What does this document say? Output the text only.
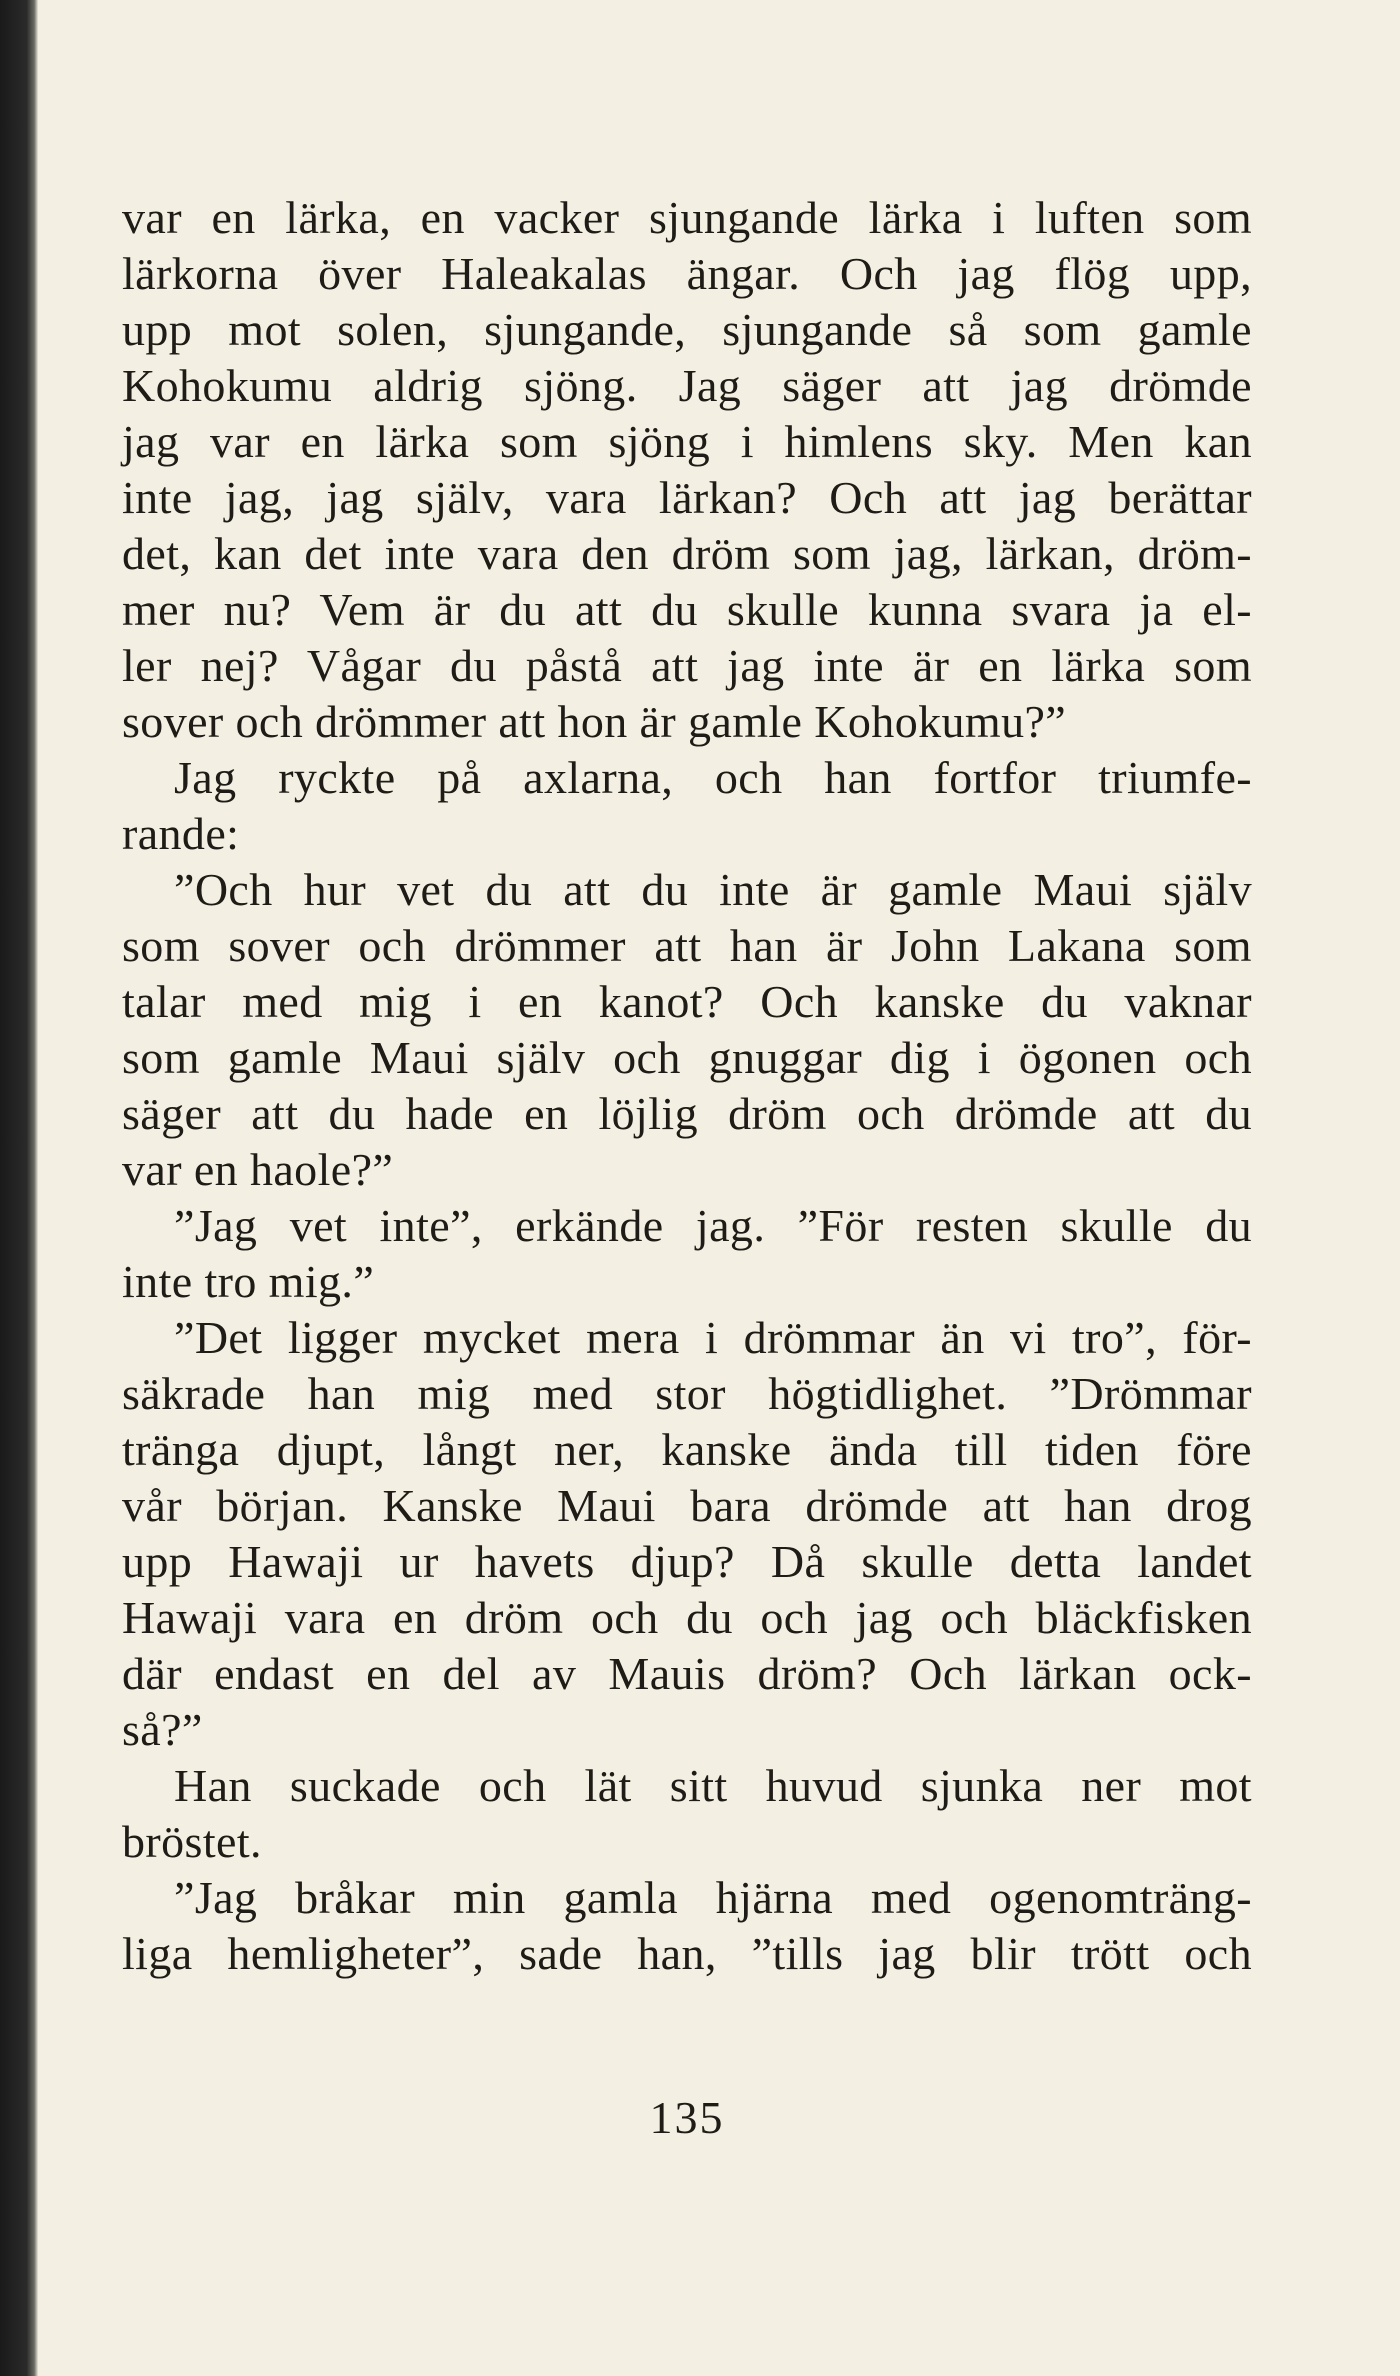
var en lärka, en vacker sjungande lärka i luften som
lärkorna över Haleakalas ängar. Och jag flög upp,
upp mot solen, sjungande, sjungande så som gamle
Kohokumu aldrig sjöng. Jag säger att jag drömde
jag var en lärka som sjöng i himlens sky. Men kan
inte jag, jag själv, vara lärkan? Och att jag berättar
det, kan det inte vara den dröm som jag, lärkan, dröm-
mer nu? Vem är du att du skulle kunna svara ja el-
ler nej? Vågar du påstå att jag inte är en lärka som
sover och drömmer att hon är gamle Kohokumu?”
Jag ryckte på axlarna, och han fortfor triumfe-
rande:
”Och hur vet du att du inte är gamle Maui själv
som sover och drömmer att han är John Lakana som
talar med mig i en kanot? Och kanske du vaknar
som gamle Maui själv och gnuggar dig i ögonen och
säger att du hade en löjlig dröm och drömde att du
var en haole?”
”Jag vet inte”, erkände jag. ”För resten skulle du
inte tro mig.”
”Det ligger mycket mera i drömmar än vi tro”, för-
säkrade han mig med stor högtidlighet. ”Drömmar
tränga djupt, långt ner, kanske ända till tiden före
vår början. Kanske Maui bara drömde att han drog
upp Hawaji ur havets djup? Då skulle detta landet
Hawaji vara en dröm och du och jag och bläckfisken
där endast en del av Mauis dröm? Och lärkan ock-
så?”
Han suckade och lät sitt huvud sjunka ner mot
bröstet.
”Jag bråkar min gamla hjärna med ogenomträng-
liga hemligheter”, sade han, ”tills jag blir trött och
135
